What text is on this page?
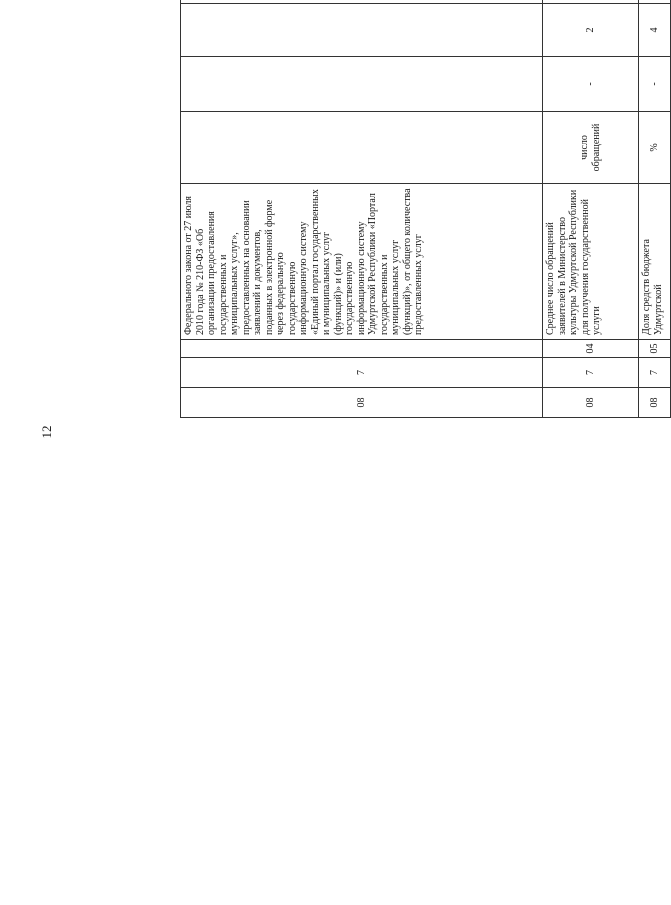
12
08	7		Федерального закона от 27 июля 2010 года № 210-ФЗ «Об организации предоставления государственных и муниципальных услуг», предоставленных на основании заявлений и документов, поданных в электронной форме через федеральную государственную информационную систему «Единый портал государственных и муниципальных услуг (функций)» и (или) государственную информационную систему Удмуртской Республики «Портал государственных и муниципальных услуг (функций)», от общего количества предоставленных услуг												
08	7	04	Среднее число обращений заявителей в Министерство культуры Удмуртской Республики для получения государственной услуги	число обращений	-	2									
08	7	05	Доля средств бюджета Удмуртской	%	-	4									
